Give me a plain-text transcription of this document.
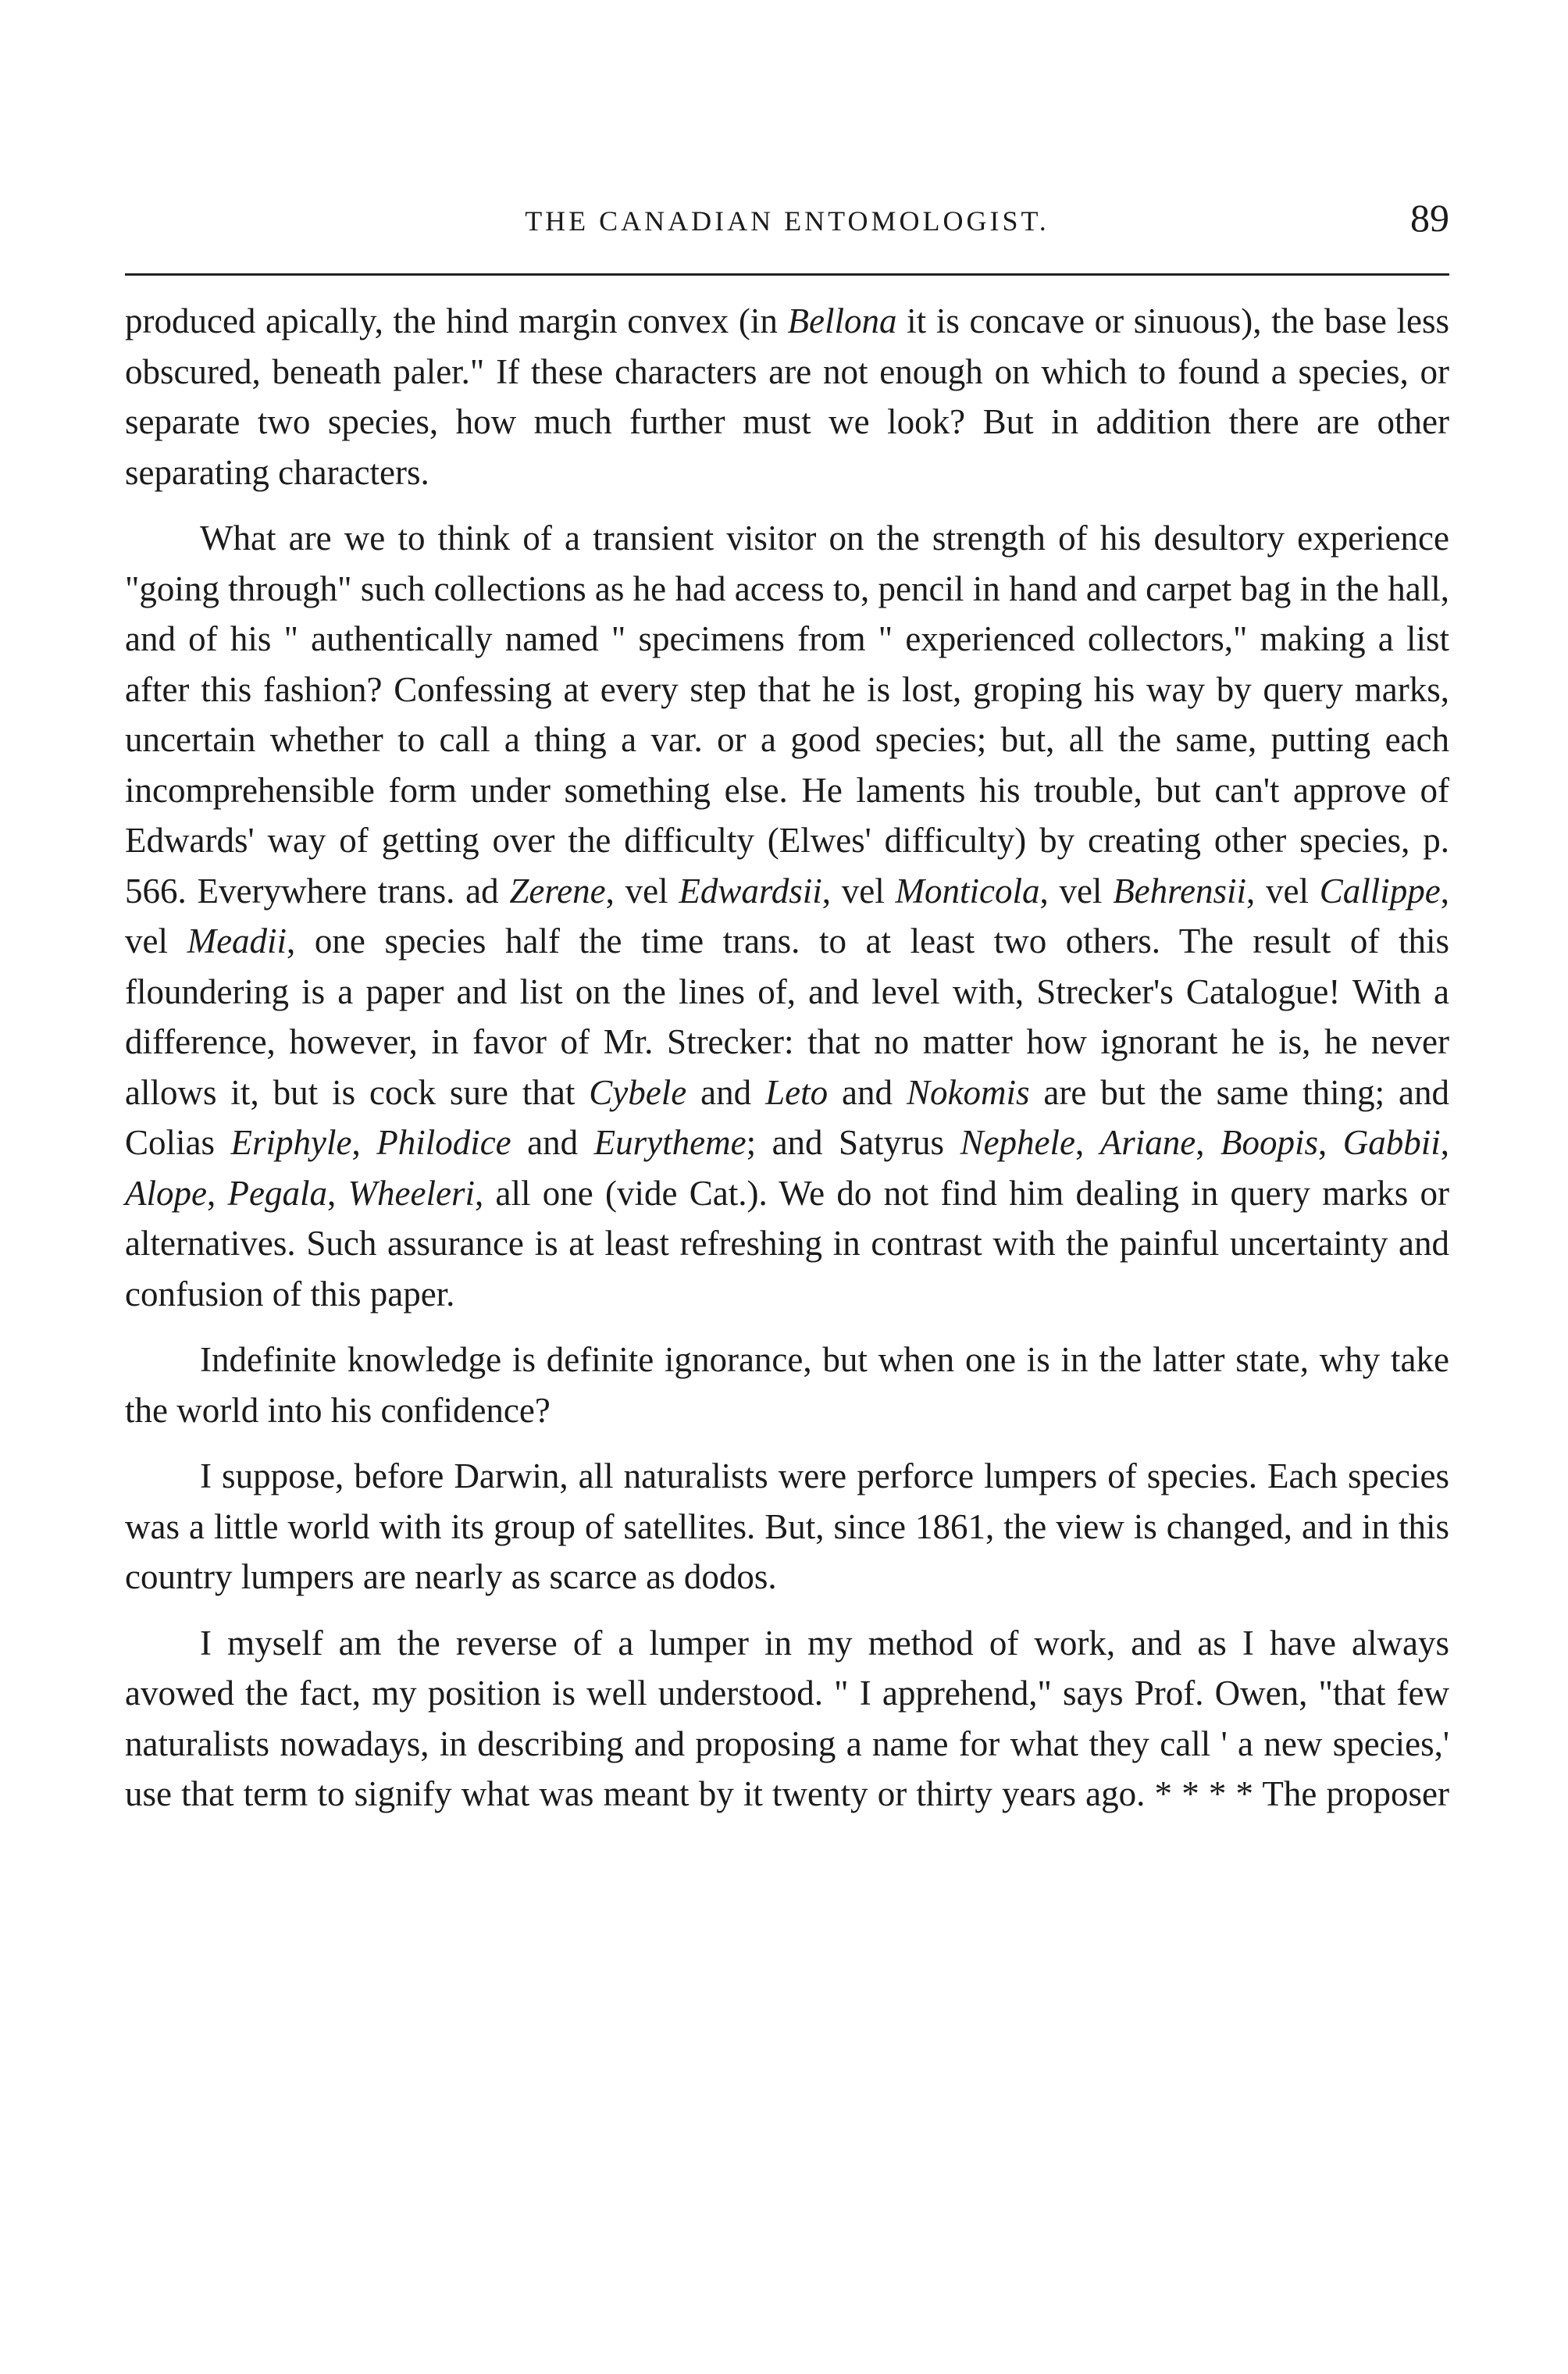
THE CANADIAN ENTOMOLOGIST.	89

produced apically, the hind margin convex (in Bellona it is concave or sinuous), the base less obscured, beneath paler." If these characters are not enough on which to found a species, or separate two species, how much further must we look? But in addition there are other separating characters.

What are we to think of a transient visitor on the strength of his desultory experience "going through" such collections as he had access to, pencil in hand and carpet bag in the hall, and of his " authentically named " specimens from " experienced collectors," making a list after this fashion? Confessing at every step that he is lost, groping his way by query marks, uncertain whether to call a thing a var. or a good species; but, all the same, putting each incomprehensible form under something else. He laments his trouble, but can't approve of Edwards' way of getting over the difficulty (Elwes' difficulty) by creating other species, p. 566. Everywhere trans. ad Zerene, vel Edwardsii, vel Monticola, vel Behrensii, vel Callippe, vel Meadii, one species half the time trans. to at least two others. The result of this floundering is a paper and list on the lines of, and level with, Strecker's Catalogue! With a difference, however, in favor of Mr. Strecker: that no matter how ignorant he is, he never allows it, but is cock sure that Cybele and Leto and Nokomis are but the same thing; and Colias Eriphyle, Philodice and Eurytheme; and Satyrus Nephele, Ariane, Boopis, Gabbii, Alope, Pegala, Wheeleri, all one (vide Cat.). We do not find him dealing in query marks or alternatives. Such assurance is at least refreshing in contrast with the painful uncertainty and confusion of this paper.

Indefinite knowledge is definite ignorance, but when one is in the latter state, why take the world into his confidence?

I suppose, before Darwin, all naturalists were perforce lumpers of species. Each species was a little world with its group of satellites. But, since 1861, the view is changed, and in this country lumpers are nearly as scarce as dodos.

I myself am the reverse of a lumper in my method of work, and as I have always avowed the fact, my position is well understood. " I apprehend," says Prof. Owen, "that few naturalists nowadays, in describing and proposing a name for what they call ' a new species,' use that term to signify what was meant by it twenty or thirty years ago. * * * * The proposer
